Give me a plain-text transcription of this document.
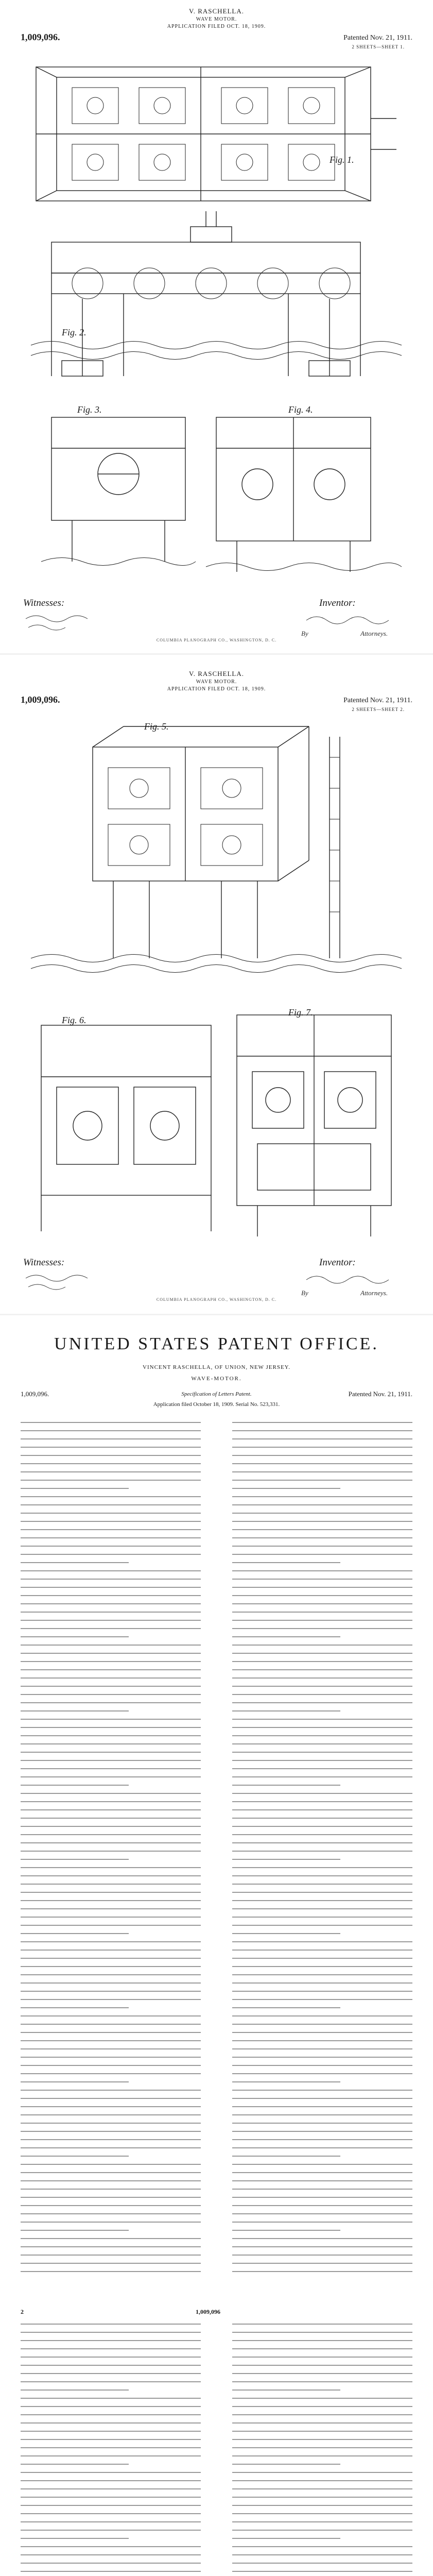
V. RASCHELLA.
WAVE MOTOR.
APPLICATION FILED OCT. 18, 1909.
1,009,096.	Patented Nov. 21, 1911.
2 SHEETS—SHEET 1.
Fig. 1.
Fig. 2.
Fig. 3.	Fig. 4.
Witnesses:	Inventor:
By	Attorneys.
COLUMBIA PLANOGRAPH CO., WASHINGTON, D. C.
V. RASCHELLA.
WAVE MOTOR.
APPLICATION FILED OCT. 18, 1909.
1,009,096.	Patented Nov. 21, 1911.
2 SHEETS—SHEET 2.
Fig. 5.
Fig. 6.
Fig. 7.
Witnesses:	Inventor:
By	Attorneys.
COLUMBIA PLANOGRAPH CO., WASHINGTON, D. C.
UNITED STATES PATENT OFFICE.
VINCENT RASCHELLA, OF UNION, NEW JERSEY.
WAVE-MOTOR.
1,009,096.	Specification of Letters Patent.	Patented Nov. 21, 1911.
Application filed October 18, 1909. Serial No. 523,331.
2	1,009,096
